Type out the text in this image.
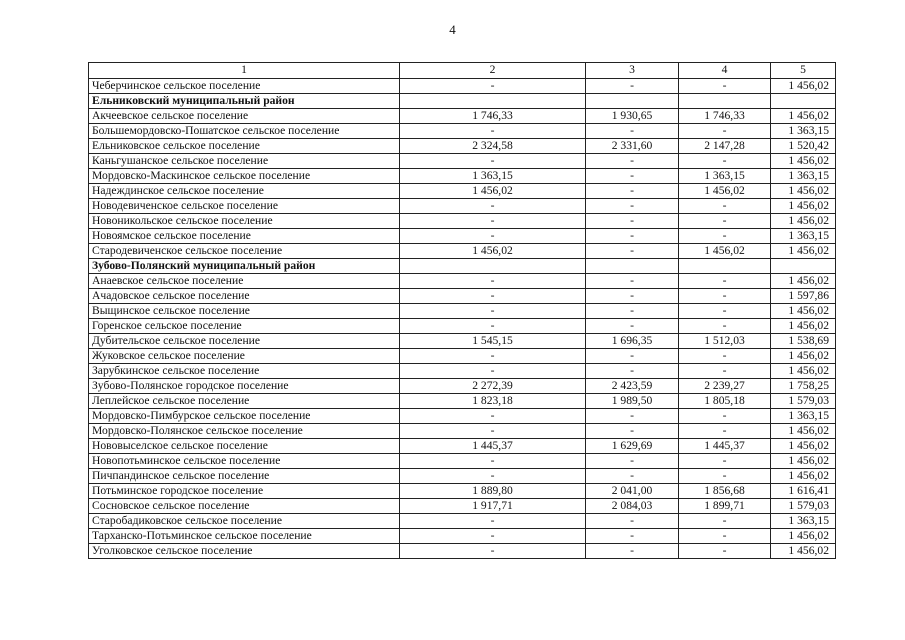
4
1	2	3	4	5
Чеберчинское сельское поселение	-	-	-	1 456,02
Ельниковский муниципальный район				
Акчеевское сельское поселение	1 746,33	1 930,65	1 746,33	1 456,02
Большемордовско-Пошатское сельское поселение	-	-	-	1 363,15
Ельниковское сельское поселение	2 324,58	2 331,60	2 147,28	1 520,42
Каньгушанское сельское поселение	-	-	-	1 456,02
Мордовско-Маскинское сельское поселение	1 363,15	-	1 363,15	1 363,15
Надеждинское сельское поселение	1 456,02	-	1 456,02	1 456,02
Новодевиченское сельское поселение	-	-	-	1 456,02
Новоникольское сельское поселение	-	-	-	1 456,02
Новоямское сельское поселение	-	-	-	1 363,15
Стародевиченское сельское поселение	1 456,02	-	1 456,02	1 456,02
Зубово-Полянский муниципальный район				
Анаевское сельское поселение	-	-	-	1 456,02
Ачадовское сельское поселение	-	-	-	1 597,86
Выщинское сельское поселение	-	-	-	1 456,02
Горенское сельское поселение	-	-	-	1 456,02
Дубительское сельское поселение	1 545,15	1 696,35	1 512,03	1 538,69
Жуковское сельское поселение	-	-	-	1 456,02
Зарубкинское сельское поселение	-	-	-	1 456,02
Зубово-Полянское городское поселение	2 272,39	2 423,59	2 239,27	1 758,25
Леплейское сельское поселение	1 823,18	1 989,50	1 805,18	1 579,03
Мордовско-Пимбурское сельское поселение	-	-	-	1 363,15
Мордовско-Полянское сельское поселение	-	-	-	1 456,02
Нововыселское сельское поселение	1 445,37	1 629,69	1 445,37	1 456,02
Новопотьминское сельское поселение	-	-	-	1 456,02
Пичпандинское сельское поселение	-	-	-	1 456,02
Потьминское городское поселение	1 889,80	2 041,00	1 856,68	1 616,41
Сосновское сельское поселение	1 917,71	2 084,03	1 899,71	1 579,03
Старобадиковское сельское поселение	-	-	-	1 363,15
Тарханско-Потьминское сельское поселение	-	-	-	1 456,02
Уголковское сельское поселение	-	-	-	1 456,02
